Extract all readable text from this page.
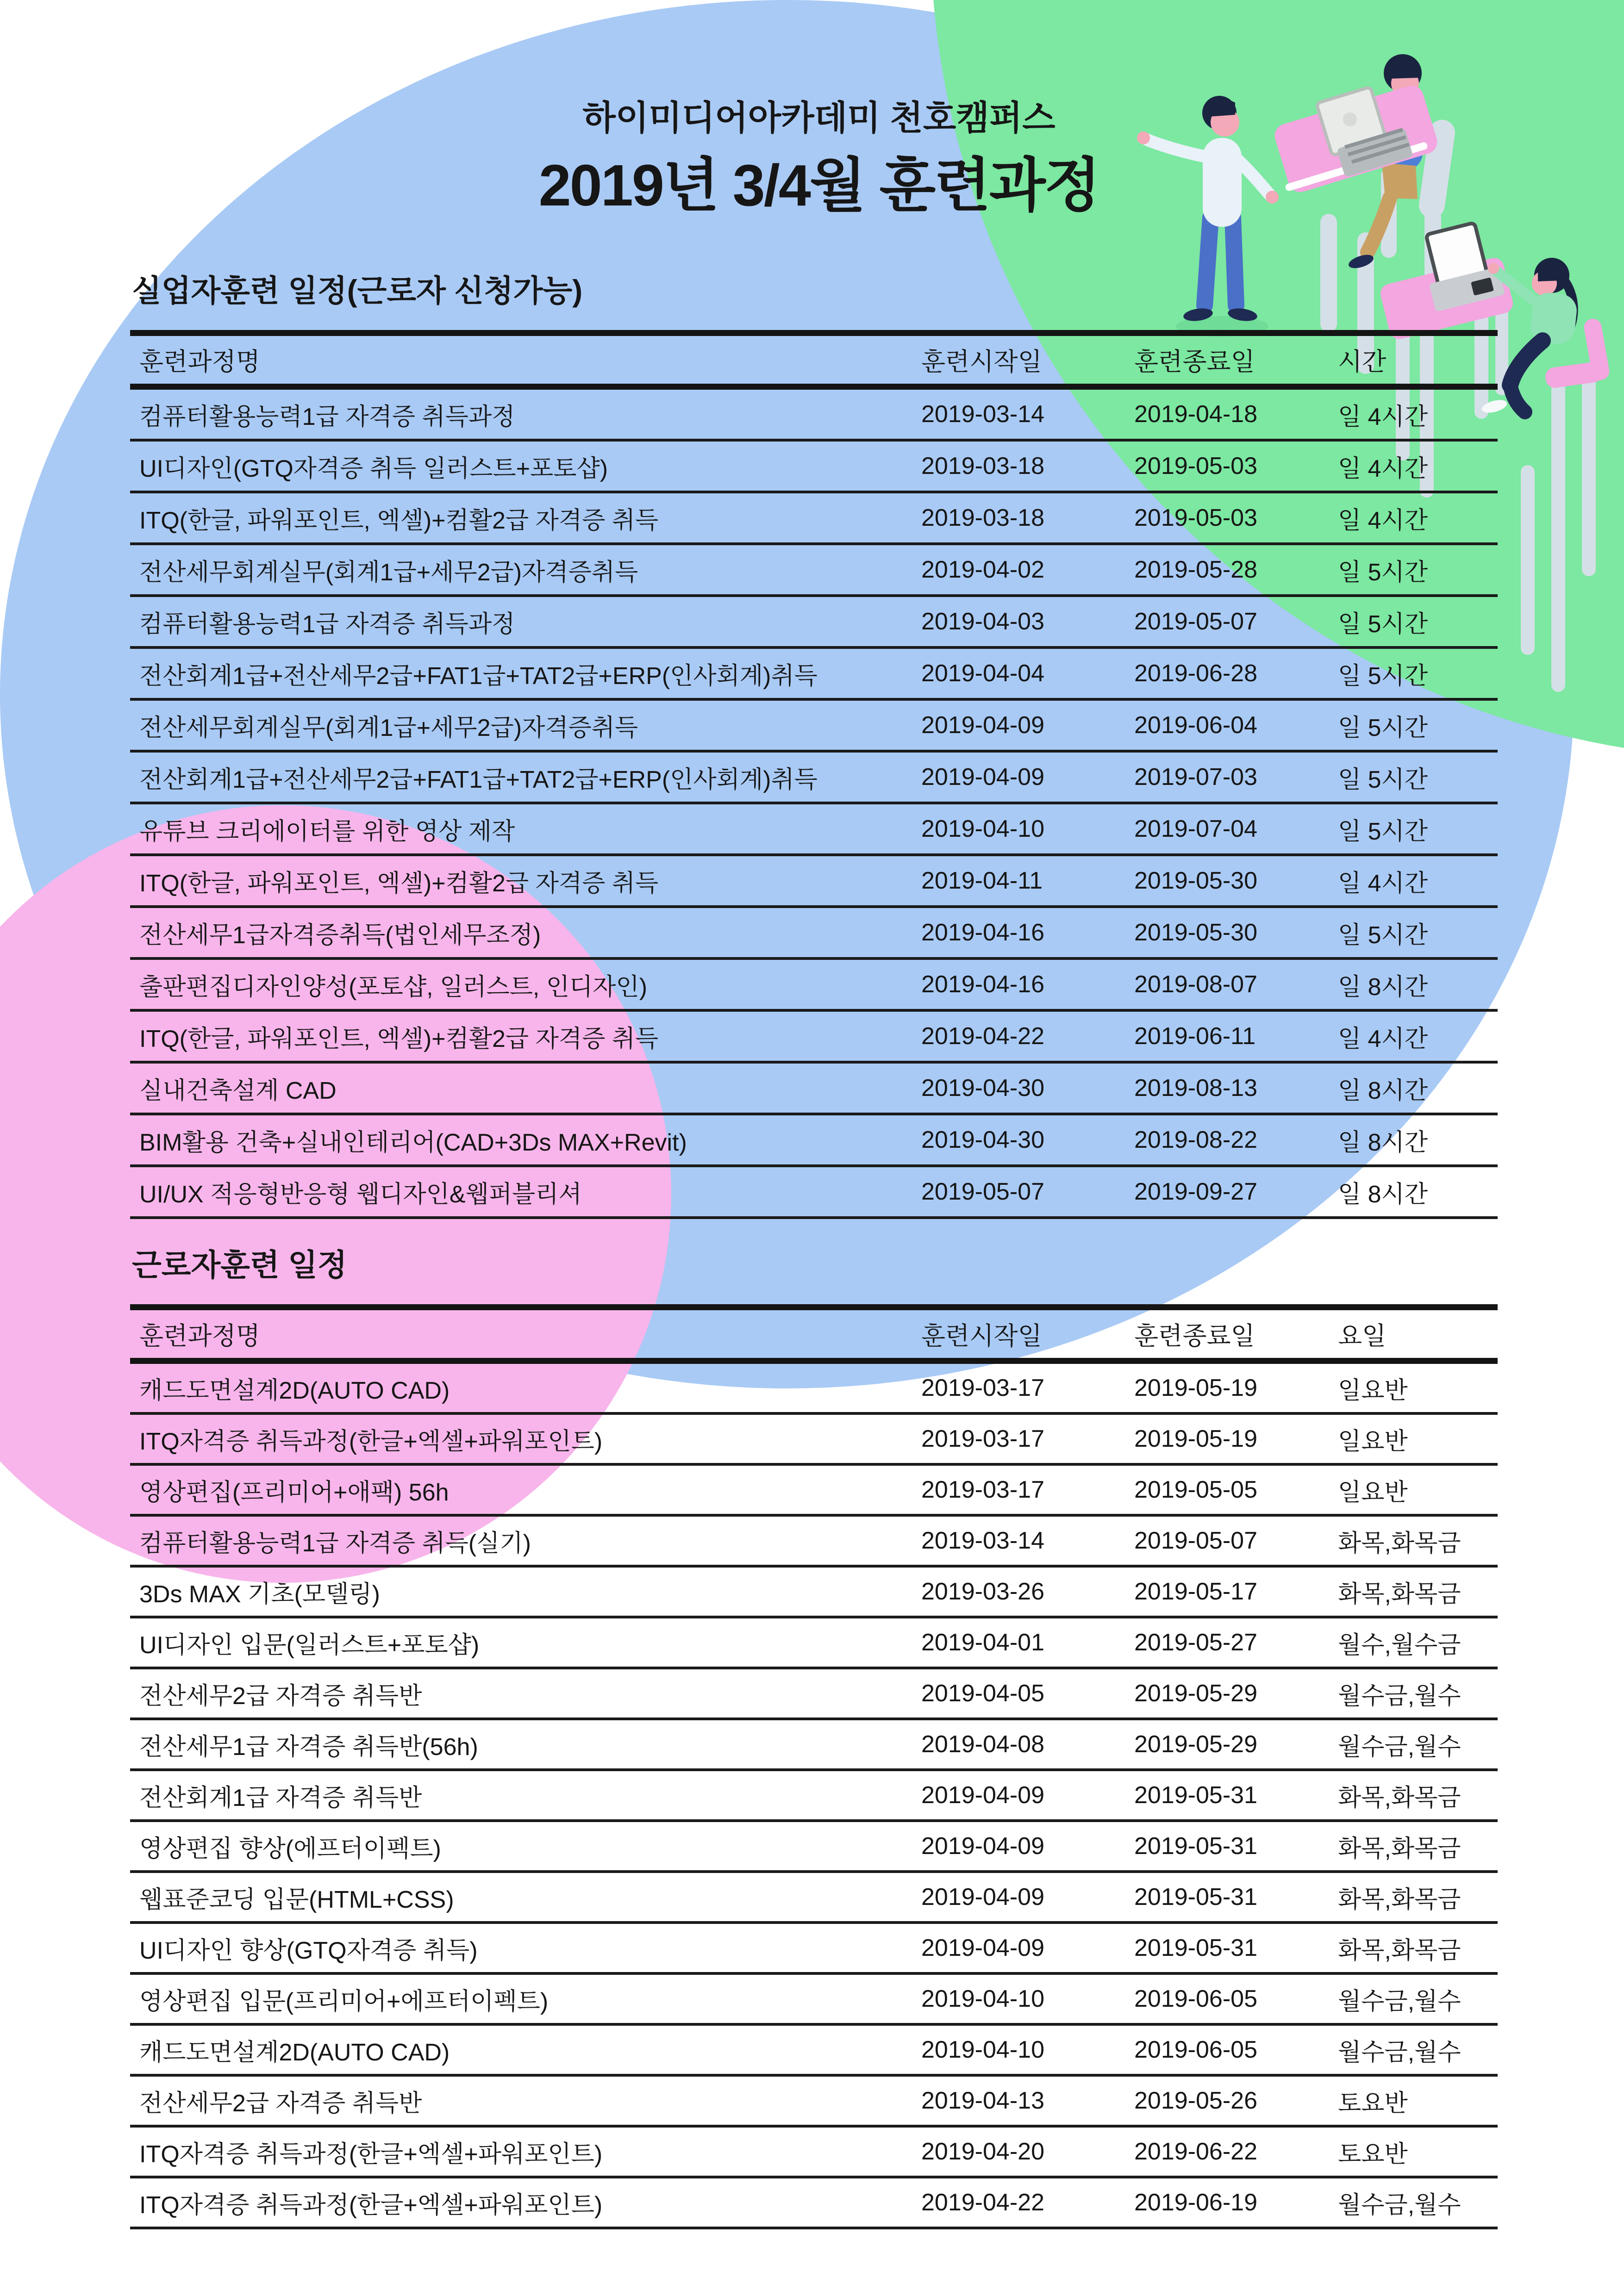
하이미디어아카데미 천호캠퍼스
2019년 3/4월 훈련과정
실업자훈련 일정(근로자 신청가능)
훈련과정명	훈련시작일	훈련종료일	시간
컴퓨터활용능력1급 자격증 취득과정	2019-03-14	2019-04-18	일 4시간
UI디자인(GTQ자격증 취득 일러스트+포토샵)	2019-03-18	2019-05-03	일 4시간
ITQ(한글, 파워포인트, 엑셀)+컴활2급 자격증 취득	2019-03-18	2019-05-03	일 4시간
전산세무회계실무(회계1급+세무2급)자격증취득	2019-04-02	2019-05-28	일 5시간
컴퓨터활용능력1급 자격증 취득과정	2019-04-03	2019-05-07	일 5시간
전산회계1급+전산세무2급+FAT1급+TAT2급+ERP(인사회계)취득	2019-04-04	2019-06-28	일 5시간
전산세무회계실무(회계1급+세무2급)자격증취득	2019-04-09	2019-06-04	일 5시간
전산회계1급+전산세무2급+FAT1급+TAT2급+ERP(인사회계)취득	2019-04-09	2019-07-03	일 5시간
유튜브 크리에이터를 위한 영상 제작	2019-04-10	2019-07-04	일 5시간
ITQ(한글, 파워포인트, 엑셀)+컴활2급 자격증 취득	2019-04-11	2019-05-30	일 4시간
전산세무1급자격증취득(법인세무조정)	2019-04-16	2019-05-30	일 5시간
출판편집디자인양성(포토샵, 일러스트, 인디자인)	2019-04-16	2019-08-07	일 8시간
ITQ(한글, 파워포인트, 엑셀)+컴활2급 자격증 취득	2019-04-22	2019-06-11	일 4시간
실내건축설계 CAD	2019-04-30	2019-08-13	일 8시간
BIM활용 건축+실내인테리어(CAD+3Ds MAX+Revit)	2019-04-30	2019-08-22	일 8시간
UI/UX 적응형반응형 웹디자인&웹퍼블리셔	2019-05-07	2019-09-27	일 8시간
근로자훈련 일정
훈련과정명	훈련시작일	훈련종료일	요일
캐드도면설계2D(AUTO CAD)	2019-03-17	2019-05-19	일요반
ITQ자격증 취득과정(한글+엑셀+파워포인트)	2019-03-17	2019-05-19	일요반
영상편집(프리미어+애팩) 56h	2019-03-17	2019-05-05	일요반
컴퓨터활용능력1급 자격증 취득(실기)	2019-03-14	2019-05-07	화목,화목금
3Ds MAX 기초(모델링)	2019-03-26	2019-05-17	화목,화목금
UI디자인 입문(일러스트+포토샵)	2019-04-01	2019-05-27	월수,월수금
전산세무2급 자격증 취득반	2019-04-05	2019-05-29	월수금,월수
전산세무1급 자격증 취득반(56h)	2019-04-08	2019-05-29	월수금,월수
전산회계1급 자격증 취득반	2019-04-09	2019-05-31	화목,화목금
영상편집 향상(에프터이펙트)	2019-04-09	2019-05-31	화목,화목금
웹표준코딩 입문(HTML+CSS)	2019-04-09	2019-05-31	화목,화목금
UI디자인 향상(GTQ자격증 취득)	2019-04-09	2019-05-31	화목,화목금
영상편집 입문(프리미어+에프터이펙트)	2019-04-10	2019-06-05	월수금,월수
캐드도면설계2D(AUTO CAD)	2019-04-10	2019-06-05	월수금,월수
전산세무2급 자격증 취득반	2019-04-13	2019-05-26	토요반
ITQ자격증 취득과정(한글+엑셀+파워포인트)	2019-04-20	2019-06-22	토요반
ITQ자격증 취득과정(한글+엑셀+파워포인트)	2019-04-22	2019-06-19	월수금,월수
